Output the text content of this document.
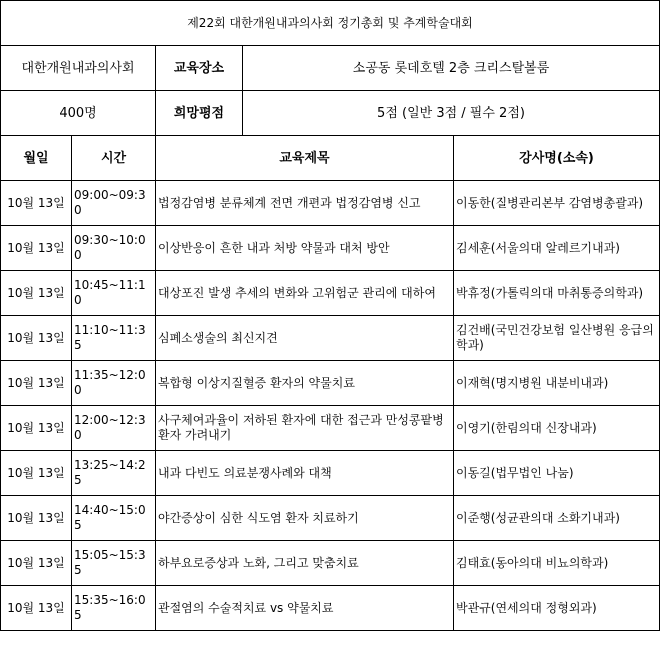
제22회 대한개원내과의사회 정기총회 및 추계학술대회				
대한개원내과의사회		교육장소	소공동 롯데호텔 2층 크리스탈볼룸	
400명		희망평점	5점 (일반 3점 / 필수 2점)	
월일	시간	교육제목		강사명(소속)
10월 13일	09:00~09:30	법정감염병 분류체계 전면 개편과 법정감염병 신고		이동한(질병관리본부 감염병총괄과)
10월 13일	09:30~10:00	이상반응이 흔한 내과 처방 약물과 대처 방안		김세훈(서울의대 알레르기내과)
10월 13일	10:45~11:10	대상포진 발생 추세의 변화와 고위험군 관리에 대하여		박휴정(가톨릭의대 마취통증의학과)
10월 13일	11:10~11:35	심폐소생술의 최신지견		김건배(국민건강보험 일산병원 응급의학과)
10월 13일	11:35~12:00	복합형 이상지질혈증 환자의 약물치료		이재혁(명지병원 내분비내과)
10월 13일	12:00~12:30	사구체여과율이 저하된 환자에 대한 접근과 만성콩팥병 환자 가려내기		이영기(한림의대 신장내과)
10월 13일	13:25~14:25	내과 다빈도 의료분쟁사례와 대책		이동길(법무법인 나눔)
10월 13일	14:40~15:05	야간증상이 심한 식도염 환자 치료하기		이준행(성균관의대 소화기내과)
10월 13일	15:05~15:35	하부요로증상과 노화, 그리고 맞춤치료		김태효(동아의대 비뇨의학과)
10월 13일	15:35~16:05	관절염의 수술적치료 vs 약물치료		박관규(연세의대 정형외과)
